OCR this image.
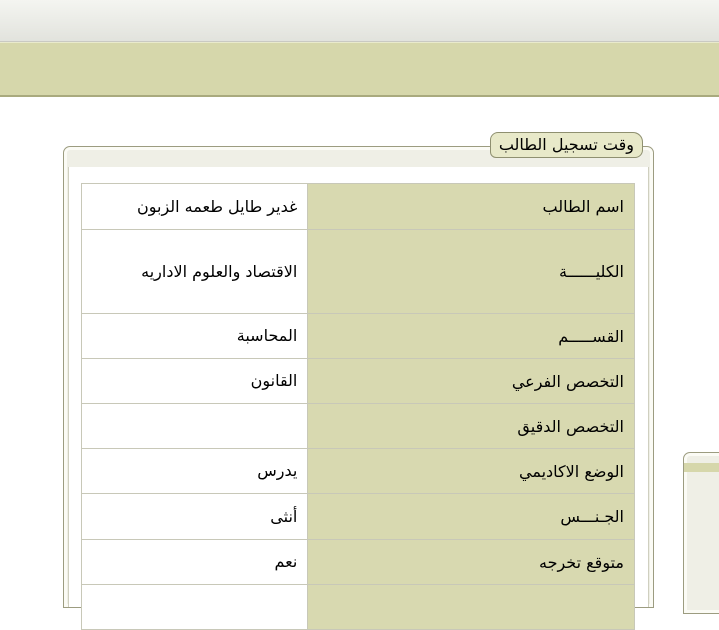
وقت تسجيل الطالب
اسم الطالب	غدير طايل طعمه الزبون
الكليــــــة	الاقتصاد والعلوم الاداريه
القســـــم	المحاسبة
التخصص الفرعي	القانون
التخصص الدقيق	
الوضع الاكاديمي	يدرس
الجـنـــس	أنثى
متوقع تخرجه	نعم
